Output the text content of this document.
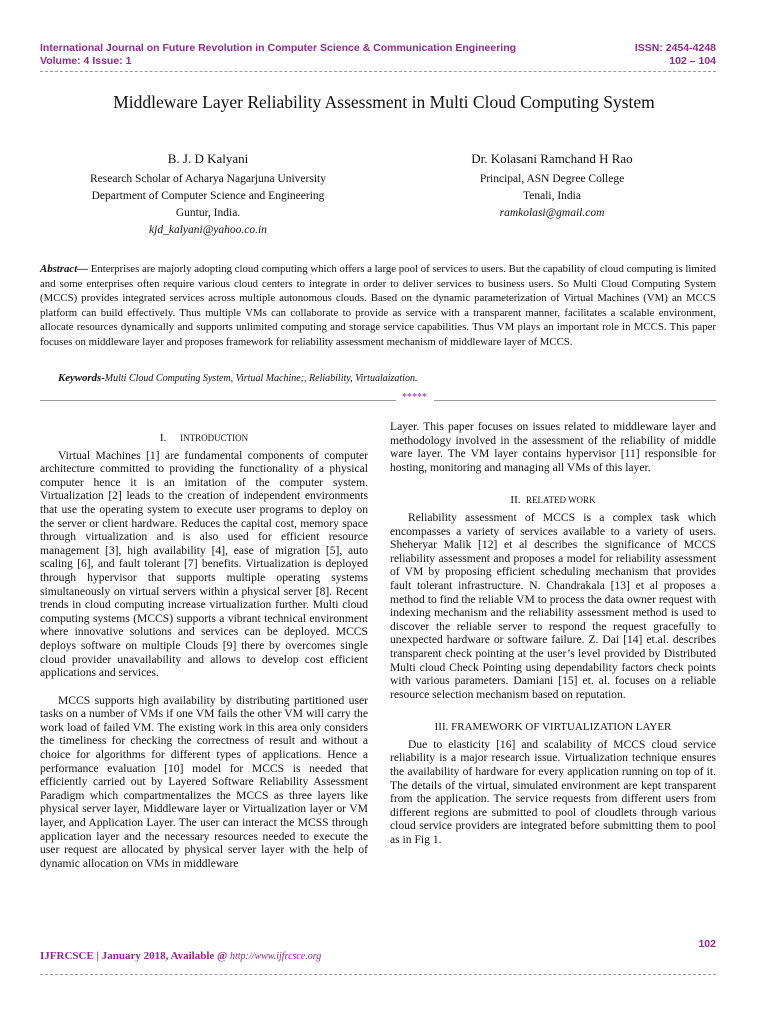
International Journal on Future Revolution in Computer Science & Communication Engineering
Volume: 4 Issue: 1
ISSN: 2454-4248
102 – 104
Middleware Layer Reliability Assessment in Multi Cloud Computing System
B. J. D Kalyani
Research Scholar of Acharya Nagarjuna University
Department of Computer Science and Engineering
Guntur, India.
kjd_kalyani@yahoo.co.in
Dr. Kolasani Ramchand H Rao
Principal, ASN Degree College
Tenali, India
ramkolasi@gmail.com
Abstract— Enterprises are majorly adopting cloud computing which offers a large pool of services to users. But the capability of cloud computing is limited and some enterprises often require various cloud centers to integrate in order to deliver services to business users. So Multi Cloud Computing System (MCCS) provides integrated services across multiple autonomous clouds. Based on the dynamic parameterization of Virtual Machines (VM) an MCCS platform can build effectively. Thus multiple VMs can collaborate to provide as service with a transparent manner, facilitates a scalable environment, allocate resources dynamically and supports unlimited computing and storage service capabilities. Thus VM plays an important role in MCCS. This paper focuses on middleware layer and proposes framework for reliability assessment mechanism of middleware layer of MCCS.
Keywords-Multi Cloud Computing System, Virtual Machine;, Reliability, Virtualaization.
*****
I. INTRODUCTION

Virtual Machines [1] are fundamental components of computer architecture committed to providing the functionality of a physical computer hence it is an imitation of the computer system. Virtualization [2] leads to the creation of independent environments that use the operating system to execute user programs to deploy on the server or client hardware. Reduces the capital cost, memory space through virtualization and is also used for efficient resource management [3], high availability [4], ease of migration [5], auto scaling [6], and fault tolerant [7] benefits. Virtualization is deployed through hypervisor that supports multiple operating systems simultaneously on virtual servers within a physical server [8]. Recent trends in cloud computing increase virtualization further. Multi cloud computing systems (MCCS) supports a vibrant technical environment where innovative solutions and services can be deployed. MCCS deploys software on multiple Clouds [9] there by overcomes single cloud provider unavailability and allows to develop cost efficient applications and services.

MCCS supports high availability by distributing partitioned user tasks on a number of VMs if one VM fails the other VM will carry the work load of failed VM. The existing work in this area only considers the timeliness for checking the correctness of result and without a choice for algorithms for different types of applications. Hence a performance evaluation [10] model for MCCS is needed that efficiently carried out by Layered Software Reliability Assessment Paradigm which compartmentalizes the MCCS as three layers like physical server layer, Middleware layer or Virtualization layer or VM layer, and Application Layer. The user can interact the MCSS through application layer and the necessary resources needed to execute the user request are allocated by physical server layer with the help of dynamic allocation on VMs in middleware

Layer. This paper focuses on issues related to middleware layer and methodology involved in the assessment of the reliability of middle ware layer. The VM layer contains hypervisor [11] responsible for hosting, monitoring and managing all VMs of this layer.

II. RELATED WORK

Reliability assessment of MCCS is a complex task which encompasses a variety of services available to a variety of users. Sheheryar Malik [12] et al describes the significance of MCCS reliability assessment and proposes a model for reliability assessment of VM by proposing efficient scheduling mechanism that provides fault tolerant infrastructure. N. Chandrakala [13] et al proposes a method to find the reliable VM to process the data owner request with indexing mechanism and the reliability assessment method is used to discover the reliable server to respond the request gracefully to unexpected hardware or software failure. Z. Dai [14] et.al. describes transparent check pointing at the user’s level provided by Distributed Multi cloud Check Pointing using dependability factors check points with various parameters. Damiani [15] et. al. focuses on a reliable resource selection mechanism based on reputation.

III. FRAMEWORK OF VIRTUALIZATION LAYER

Due to elasticity [16] and scalability of MCCS cloud service reliability is a major research issue. Virtualization technique ensures the availability of hardware for every application running on top of it. The details of the virtual, simulated environment are kept transparent from the application. The service requests from different users from different regions are submitted to pool of cloudlets through various cloud service providers are integrated before submitting them to pool as in Fig 1.

102
IJFRCSCE | January 2018, Available @ http://www.ijfrcsce.org
